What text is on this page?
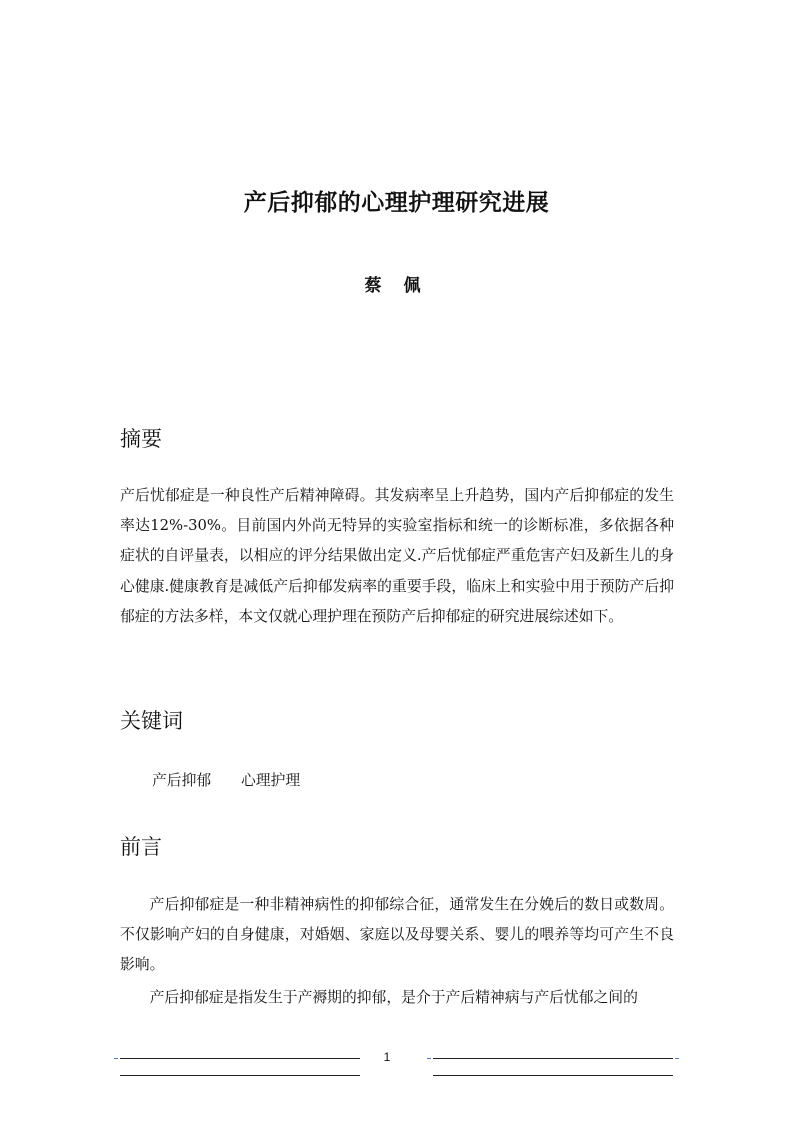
产后抑郁的心理护理研究进展
蔡 佩
摘要
产后忧郁症是一种良性产后精神障碍。其发病率呈上升趋势，国内产后抑郁症的发生率达12%-30%。目前国内外尚无特异的实验室指标和统一的诊断标准，多依据各种症状的自评量表，以相应的评分结果做出定义.产后忧郁症严重危害产妇及新生儿的身心健康.健康教育是减低产后抑郁发病率的重要手段，临床上和实验中用于预防产后抑郁症的方法多样，本文仅就心理护理在预防产后抑郁症的研究进展综述如下。
关键词
产后抑郁 心理护理
前言
产后抑郁症是一种非精神病性的抑郁综合征，通常发生在分娩后的数日或数周。不仅影响产妇的自身健康，对婚姻、家庭以及母婴关系、婴儿的喂养等均可产生不良影响。
产后抑郁症是指发生于产褥期的抑郁，是介于产后精神病与产后忧郁之间的
1
